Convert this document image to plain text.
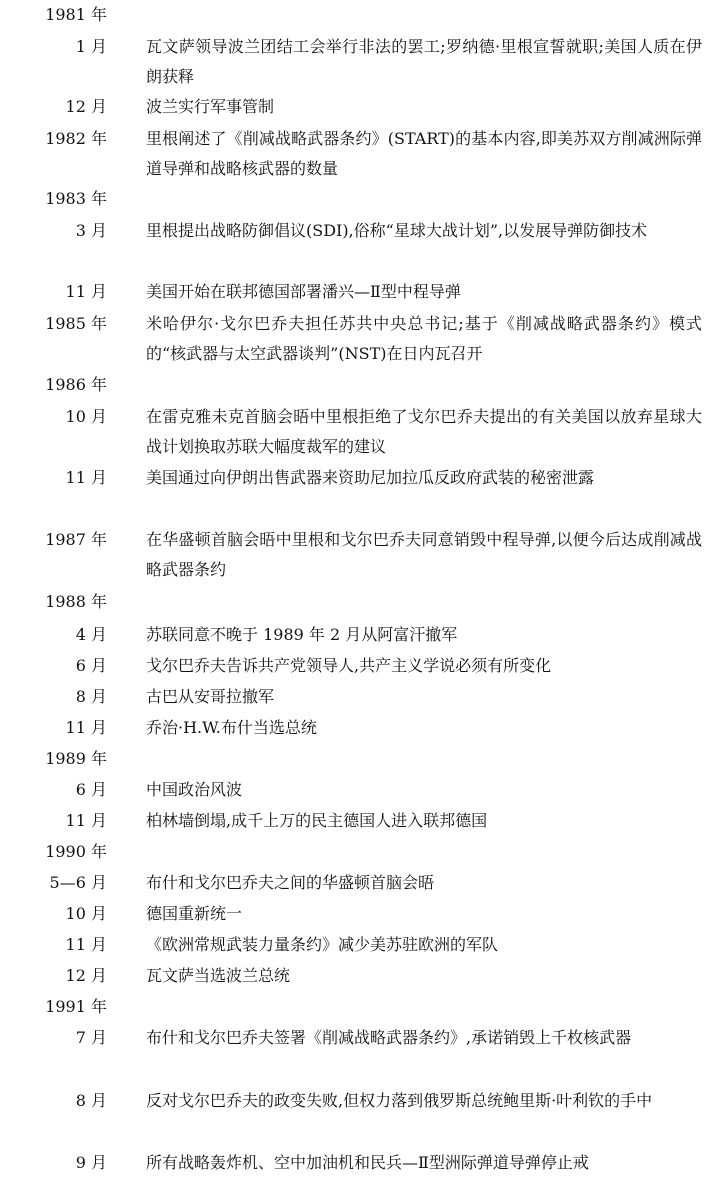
1981 年
1 月 瓦文萨领导波兰团结工会举行非法的罢工;罗纳德·里根宣誓就职;美国人质在伊朗获释
12 月 波兰实行军事管制
1982 年 里根阐述了《削减战略武器条约》(START)的基本内容,即美苏双方削减洲际弹道导弹和战略核武器的数量
1983 年
3 月 里根提出战略防御倡议(SDI),俗称“星球大战计划”,以发展导弹防御技术
11 月 美国开始在联邦德国部署潘兴—Ⅱ型中程导弹
1985 年 米哈伊尔·戈尔巴乔夫担任苏共中央总书记;基于《削减战略武器条约》模式的“核武器与太空武器谈判”(NST)在日内瓦召开
1986 年
10 月 在雷克雅未克首脑会晤中里根拒绝了戈尔巴乔夫提出的有关美国以放弃星球大战计划换取苏联大幅度裁军的建议
11 月 美国通过向伊朗出售武器来资助尼加拉瓜反政府武装的秘密泄露
1987 年 在华盛顿首脑会晤中里根和戈尔巴乔夫同意销毁中程导弹,以便今后达成削减战略武器条约
1988 年
4 月 苏联同意不晚于 1989 年 2 月从阿富汗撤军
6 月 戈尔巴乔夫告诉共产党领导人,共产主义学说必须有所变化
8 月 古巴从安哥拉撤军
11 月 乔治·H.W.布什当选总统
1989 年
6 月 中国政治风波
11 月 柏林墙倒塌,成千上万的民主德国人进入联邦德国
1990 年
5—6 月 布什和戈尔巴乔夫之间的华盛顿首脑会晤
10 月 德国重新统一
11 月 《欧洲常规武装力量条约》减少美苏驻欧洲的军队
12 月 瓦文萨当选波兰总统
1991 年
7 月 布什和戈尔巴乔夫签署《削减战略武器条约》,承诺销毁上千枚核武器
8 月 反对戈尔巴乔夫的政变失败,但权力落到俄罗斯总统鲍里斯·叶利钦的手中
9 月 所有战略轰炸机、空中加油机和民兵—Ⅱ型洲际弹道导弹停止戒
